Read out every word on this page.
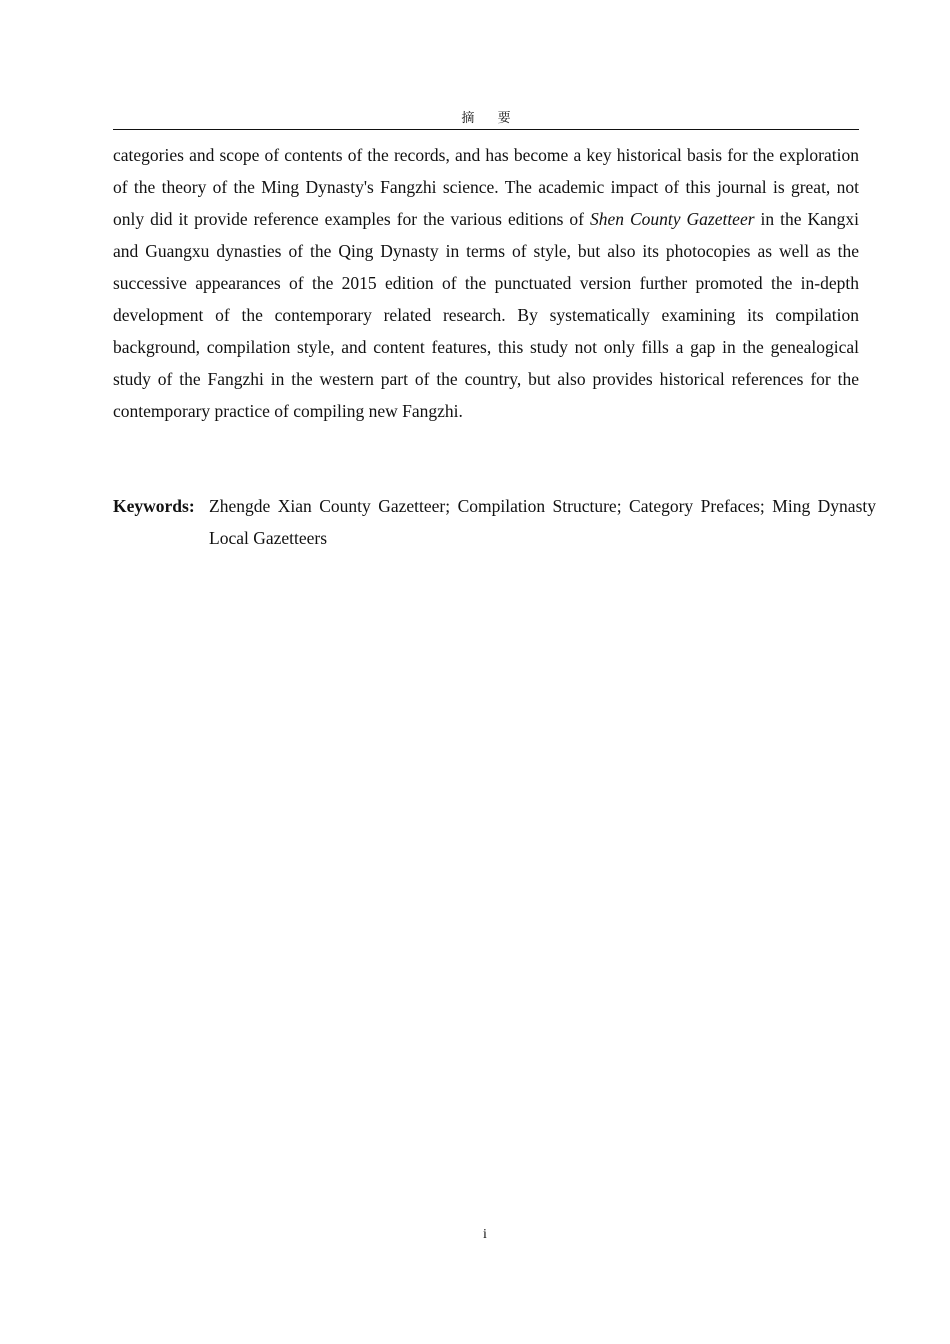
摘 要

categories and scope of contents of the records, and has become a key historical basis for the exploration of the theory of the Ming Dynasty's Fangzhi science. The academic impact of this journal is great, not only did it provide reference examples for the various editions of Shen County Gazetteer in the Kangxi and Guangxu dynasties of the Qing Dynasty in terms of style, but also its photocopies as well as the successive appearances of the 2015 edition of the punctuated version further promoted the in-depth development of the contemporary related research. By systematically examining its compilation background, compilation style, and content features, this study not only fills a gap in the genealogical study of the Fangzhi in the western part of the country, but also provides historical references for the contemporary practice of compiling new Fangzhi.

Keywords: Zhengde Xian County Gazetteer; Compilation Structure; Category Prefaces; Ming Dynasty Local Gazetteers
i
